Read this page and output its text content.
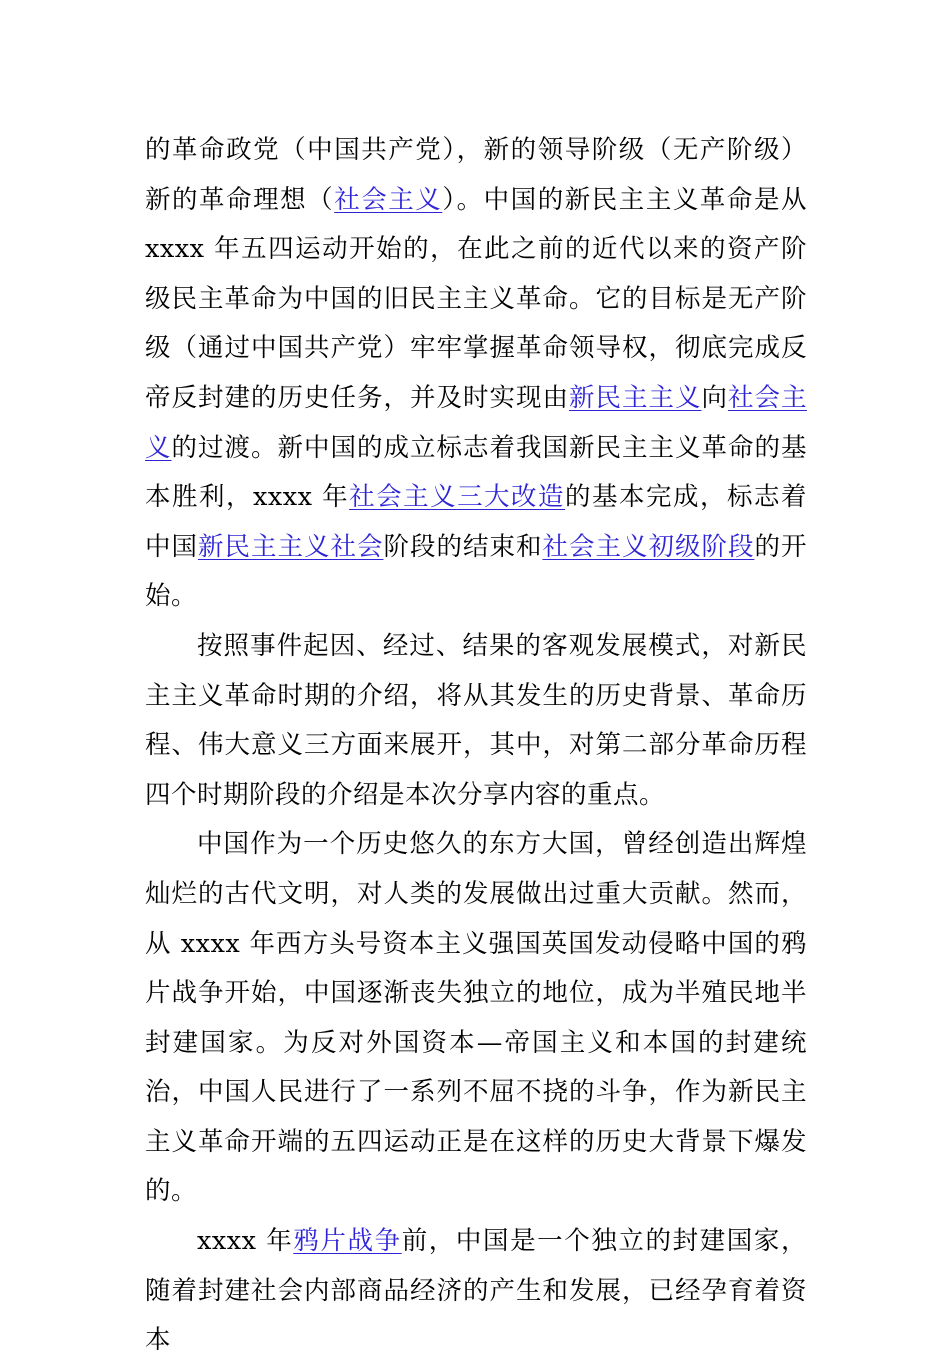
的革命政党（中国共产党），新的领导阶级（无产阶级）新的革命理想（社会主义）。中国的新民主主义革命是从 xxxx 年五四运动开始的，在此之前的近代以来的资产阶级民主革命为中国的旧民主主义革命。它的目标是无产阶级（通过中国共产党）牢牢掌握革命领导权，彻底完成反帝反封建的历史任务，并及时实现由新民主主义向社会主义的过渡。新中国的成立标志着我国新民主主义革命的基本胜利，xxxx 年社会主义三大改造的基本完成，标志着中国新民主主义社会阶段的结束和社会主义初级阶段的开始。

按照事件起因、经过、结果的客观发展模式，对新民主主义革命时期的介绍，将从其发生的历史背景、革命历程、伟大意义三方面来展开，其中，对第二部分革命历程四个时期阶段的介绍是本次分享内容的重点。

中国作为一个历史悠久的东方大国，曾经创造出辉煌灿烂的古代文明，对人类的发展做出过重大贡献。然而，从 xxxx 年西方头号资本主义强国英国发动侵略中国的鸦片战争开始，中国逐渐丧失独立的地位，成为半殖民地半封建国家。为反对外国资本—帝国主义和本国的封建统治，中国人民进行了一系列不屈不挠的斗争，作为新民主主义革命开端的五四运动正是在这样的历史大背景下爆发的。

xxxx 年鸦片战争前，中国是一个独立的封建国家，随着封建社会内部商品经济的产生和发展，已经孕育着资本
